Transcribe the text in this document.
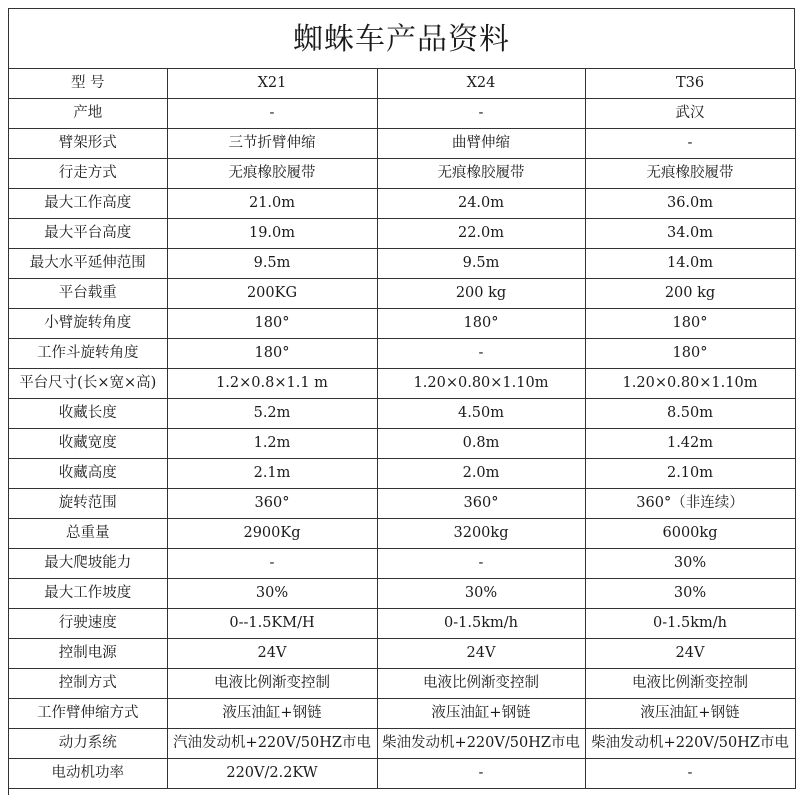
蜘蛛车产品资料
型 号	X21	X24	T36
产地	-	-	武汉
臂架形式	三节折臂伸缩	曲臂伸缩	-
行走方式	无痕橡胶履带	无痕橡胶履带	无痕橡胶履带
最大工作高度	21.0m	24.0m	36.0m
最大平台高度	19.0m	22.0m	34.0m
最大水平延伸范围	9.5m	9.5m	14.0m
平台载重	200KG	200 kg	200 kg
小臂旋转角度	180°	180°	180°
工作斗旋转角度	180°	-	180°
平台尺寸(长×宽×高)	1.2×0.8×1.1 m	1.20×0.80×1.10m	1.20×0.80×1.10m
收藏长度	5.2m	4.50m	8.50m
收藏宽度	1.2m	0.8m	1.42m
收藏高度	2.1m	2.0m	2.10m
旋转范围	360°	360°	360°（非连续）
总重量	2900Kg	3200kg	6000kg
最大爬坡能力	-	-	30%
最大工作坡度	30%	30%	30%
行驶速度	0--1.5KM/H	0-1.5km/h	0-1.5km/h
控制电源	24V	24V	24V
控制方式	电液比例渐变控制	电液比例渐变控制	电液比例渐变控制
工作臂伸缩方式	液压油缸+钢链	液压油缸+钢链	液压油缸+钢链
动力系统	汽油发动机+220V/50HZ市电	柴油发动机+220V/50HZ市电	柴油发动机+220V/50HZ市电
电动机功率	220V/2.2KW	-	-
